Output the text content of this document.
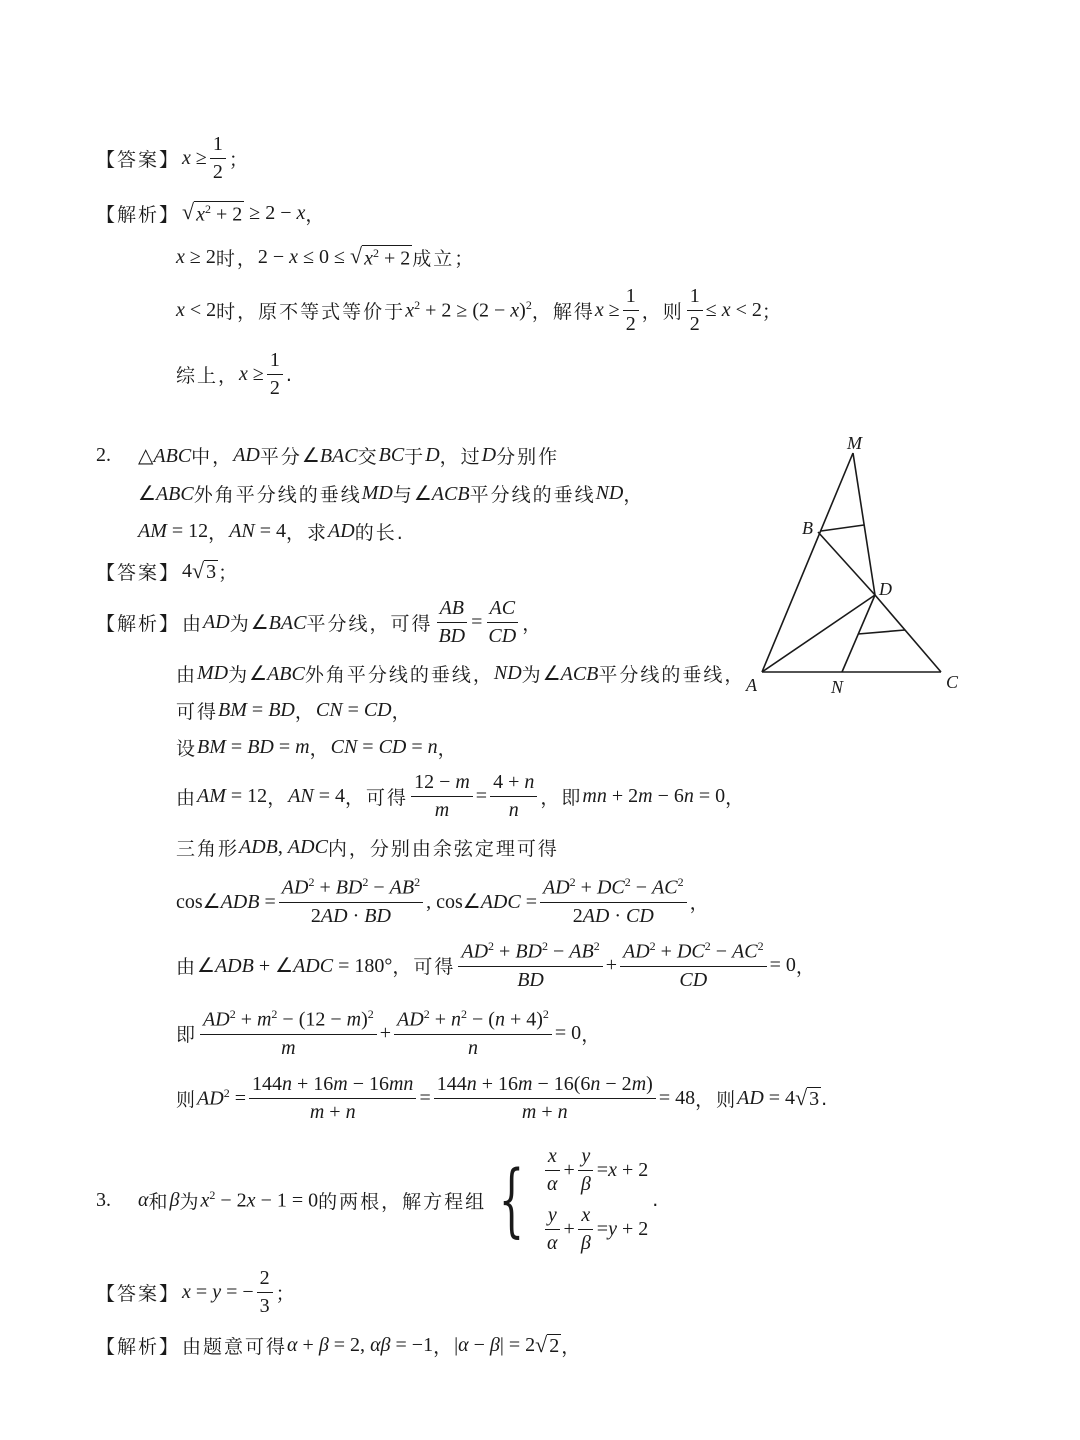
【答案】 $x \ge \frac{1}{2}$ ；
【解析】 √ $x^2 + 2 \ge 2 - x$ ，
x ≥ 2 时， 2 − x ≤ 0 ≤ √ $x^2 + 2$ 成立；
x < 2 时，原不等式等价于 $x^2 + 2 \ge (2 - x)^2$ ，解得 $x \ge \frac{1}{2}$ ，则 $\frac{1}{2} \le x < 2$ ；
综上， $x \ge \frac{1}{2}$ .
2.	△ABC 中， AD 平分 ∠BAC 交 BC 于 D ，过 D 分别作
∠ABC 外角平分线的垂线 MD 与 ∠ACB 平分线的垂线 ND ，
AM = 12 ， AN = 4 ，求 AD 的长.
M
B
D
A	N	C
【答案】 4 √ 3 ；
【解析】 由 AD 为 ∠BAC 平分线，可得 $\frac{AB}{BD} = \frac{AC}{CD}$ ，
由 MD 为 ∠ABC 外角平分线的垂线， ND 为 ∠ACB 平分线的垂线，
可得 BM = BD ， CN = CD ，
设 BM = BD = m ， CN = CD = n ，
由 AM = 12 ， AN = 4 ，可得 $\frac{12 - m}{m} = \frac{4 + n}{n}$ ，即 mn + 2m − 6n = 0 ，
三角形 ADB, ADC 内，分别由余弦定理可得
cos∠ADB = $\frac{AD^2 + BD^2 - AB^2}{2AD \cdot BD}$ , cos∠ADC = $\frac{AD^2 + DC^2 - AC^2}{2AD \cdot CD}$ ，
由 ∠ADB + ∠ADC = 180° ，可得 $\frac{AD^2 + BD^2 - AB^2}{BD} + \frac{AD^2 + DC^2 - AC^2}{CD} = 0$ ，
即 $\frac{AD^2 + m^2 - (12 - m)^2}{m} + \frac{AD^2 + n^2 - (n + 4)^2}{n} = 0$ ，
则 $AD^2 = \frac{144n + 16m - 16mn}{m + n} = \frac{144n + 16m - 16(6n - 2m)}{m + n} = 48$ ，则 AD = 4 √ 3 .
3.	α 和 β 为 $x^2 - 2x - 1 = 0$ 的两根，解方程组 { $\frac{x}{\alpha} + \frac{y}{\beta} = x + 2$
$\frac{y}{\alpha} + \frac{x}{\beta} = y + 2$
.
【答案】 x = y = − $\frac{2}{3}$ ；
【解析】 由题意可得 α + β = 2, αβ = −1 ， |α − β| = 2 √ 2 ，
